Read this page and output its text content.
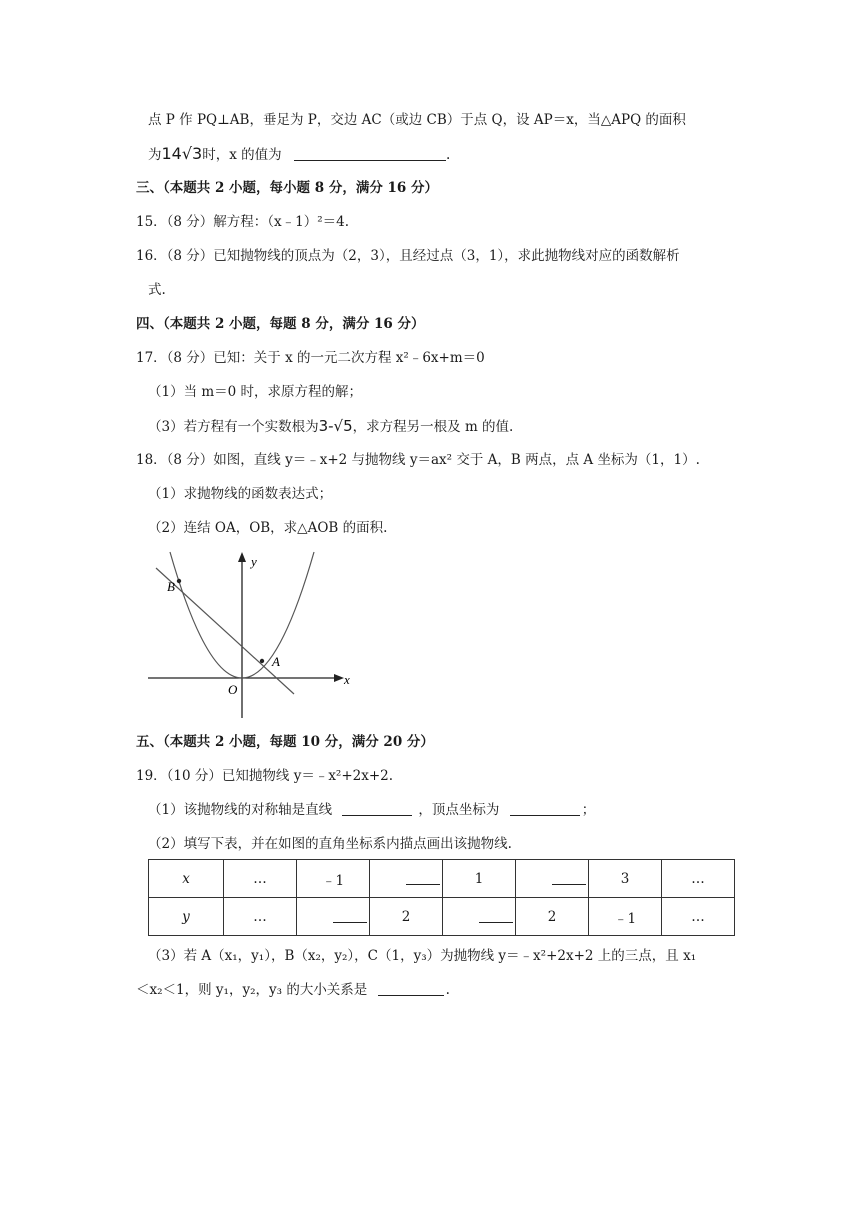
点 P 作 PQ⊥AB，垂足为 P，交边 AC（或边 CB）于点 Q，设 AP＝x，当△APQ 的面积
为14√3时，x 的值为	.
三、（本题共 2 小题，每小题 8 分，满分 16 分）
15．（8 分）解方程：（x﹣1）²＝4.
16．（8 分）已知抛物线的顶点为（2，3），且经过点（3，1），求此抛物线对应的函数解析
式.
四、（本题共 2 小题，每题 8 分，满分 16 分）
17．（8 分）已知：关于 x 的一元二次方程 x²﹣6x+m＝0
（1）当 m＝0 时，求原方程的解；
（3）若方程有一个实数根为3-√5，求方程另一根及 m 的值.
18．（8 分）如图，直线 y＝﹣x+2 与抛物线 y＝ax² 交于 A，B 两点，点 A 坐标为（1，1）.
（1）求抛物线的函数表达式；
（2）连结 OA，OB，求△AOB 的面积.
B
A
y
x
O
五、（本题共 2 小题，每题 10 分，满分 20 分）
19．（10 分）已知抛物线 y＝﹣x²+2x+2.
（1）该抛物线的对称轴是直线	，顶点坐标为	；
（2）填写下表，并在如图的直角坐标系内描点画出该抛物线.
x	…	﹣1		1		3	…
y	…		2		2	﹣1	…
（3）若 A（x₁，y₁），B（x₂，y₂），C（1，y₃）为抛物线 y＝﹣x²+2x+2 上的三点，且 x₁
＜x₂＜1，则 y₁，y₂，y₃ 的大小关系是	.
